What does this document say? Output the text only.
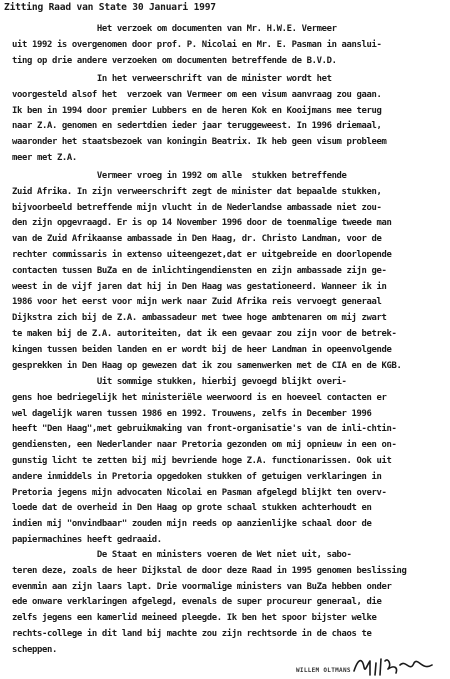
Zitting Raad van State 30 Januari 1997
Het verzoek om documenten van Mr. H.W.E. Vermeer
uit 1992 is overgenomen door prof. P. Nicolai en Mr. E. Pasman in aanslui-
ting op drie andere verzoeken om documenten betreffende de B.V.D.
In het verweerschrift van de minister wordt het
voorgesteld alsof het  verzoek van Vermeer om een visum aanvraag zou gaan.
Ik ben in 1994 door premier Lubbers en de heren Kok en Kooijmans mee terug
naar Z.A. genomen en sedertdien ieder jaar teruggeweest. In 1996 driemaal,
waaronder het staatsbezoek van koningin Beatrix. Ik heb geen visum probleem
meer met Z.A.
Vermeer vroeg in 1992 om alle  stukken betreffende
Zuid Afrika. In zijn verweerschrift zegt de minister dat bepaalde stukken,
bijvoorbeeld betreffende mijn vlucht in de Nederlandse ambassade niet zou-
den zijn opgevraagd. Er is op 14 November 1996 door de toenmalige tweede man
van de Zuid Afrikaanse ambassade in Den Haag, dr. Christo Landman, voor de
rechter commissaris in extenso uiteengezet,dat er uitgebreide en doorlopende
contacten tussen BuZa en de inlichtingendiensten en zijn ambassade zijn ge-
weest in de vijf jaren dat hij in Den Haag was gestationeerd. Wanneer ik in
1986 voor het eerst voor mijn werk naar Zuid Afrika reis vervoegt generaal
Dijkstra zich bij de Z.A. ambassadeur met twee hoge ambtenaren om mij zwart
te maken bij de Z.A. autoriteiten, dat ik een gevaar zou zijn voor de betrek-
kingen tussen beiden landen en er wordt bij de heer Landman in opeenvolgende
gesprekken in Den Haag op gewezen dat ik zou samenwerken met de CIA en de KGB.
Uit sommige stukken, hierbij gevoegd blijkt overi-
gens hoe bedriegelijk het ministeriële weerwoord is en hoeveel contacten er
wel dagelijk waren tussen 1986 en 1992. Trouwens, zelfs in December 1996
heeft "Den Haag",met gebruikmaking van front-organisatie's van de inli-chtin-
gendiensten, een Nederlander naar Pretoria gezonden om mij opnieuw in een on-
gunstig licht te zetten bij mij bevriende hoge Z.A. functionarissen. Ook uit
andere inmiddels in Pretoria opgedoken stukken of getuigen verklaringen in
Pretoria jegens mijn advocaten Nicolai en Pasman afgelegd blijkt ten overv-
loede dat de overheid in Den Haag op grote schaal stukken achterhoudt en
indien mij "onvindbaar" zouden mijn reeds op aanzienlijke schaal door de
papiermachines heeft gedraaid.
De Staat en ministers voeren de Wet niet uit, sabo-
teren deze, zoals de heer Dijkstal de door deze Raad in 1995 genomen beslissing
evenmin aan zijn laars lapt. Drie voormalige ministers van BuZa hebben onder
ede onware verklaringen afgelegd, evenals de super procureur generaal, die
zelfs jegens een kamerlid meineed pleegde. Ik ben het spoor bijster welke
rechts-college in dit land bij machte zou zijn rechtsorde in de chaos te
scheppen.
WILLEM OLTMANS
